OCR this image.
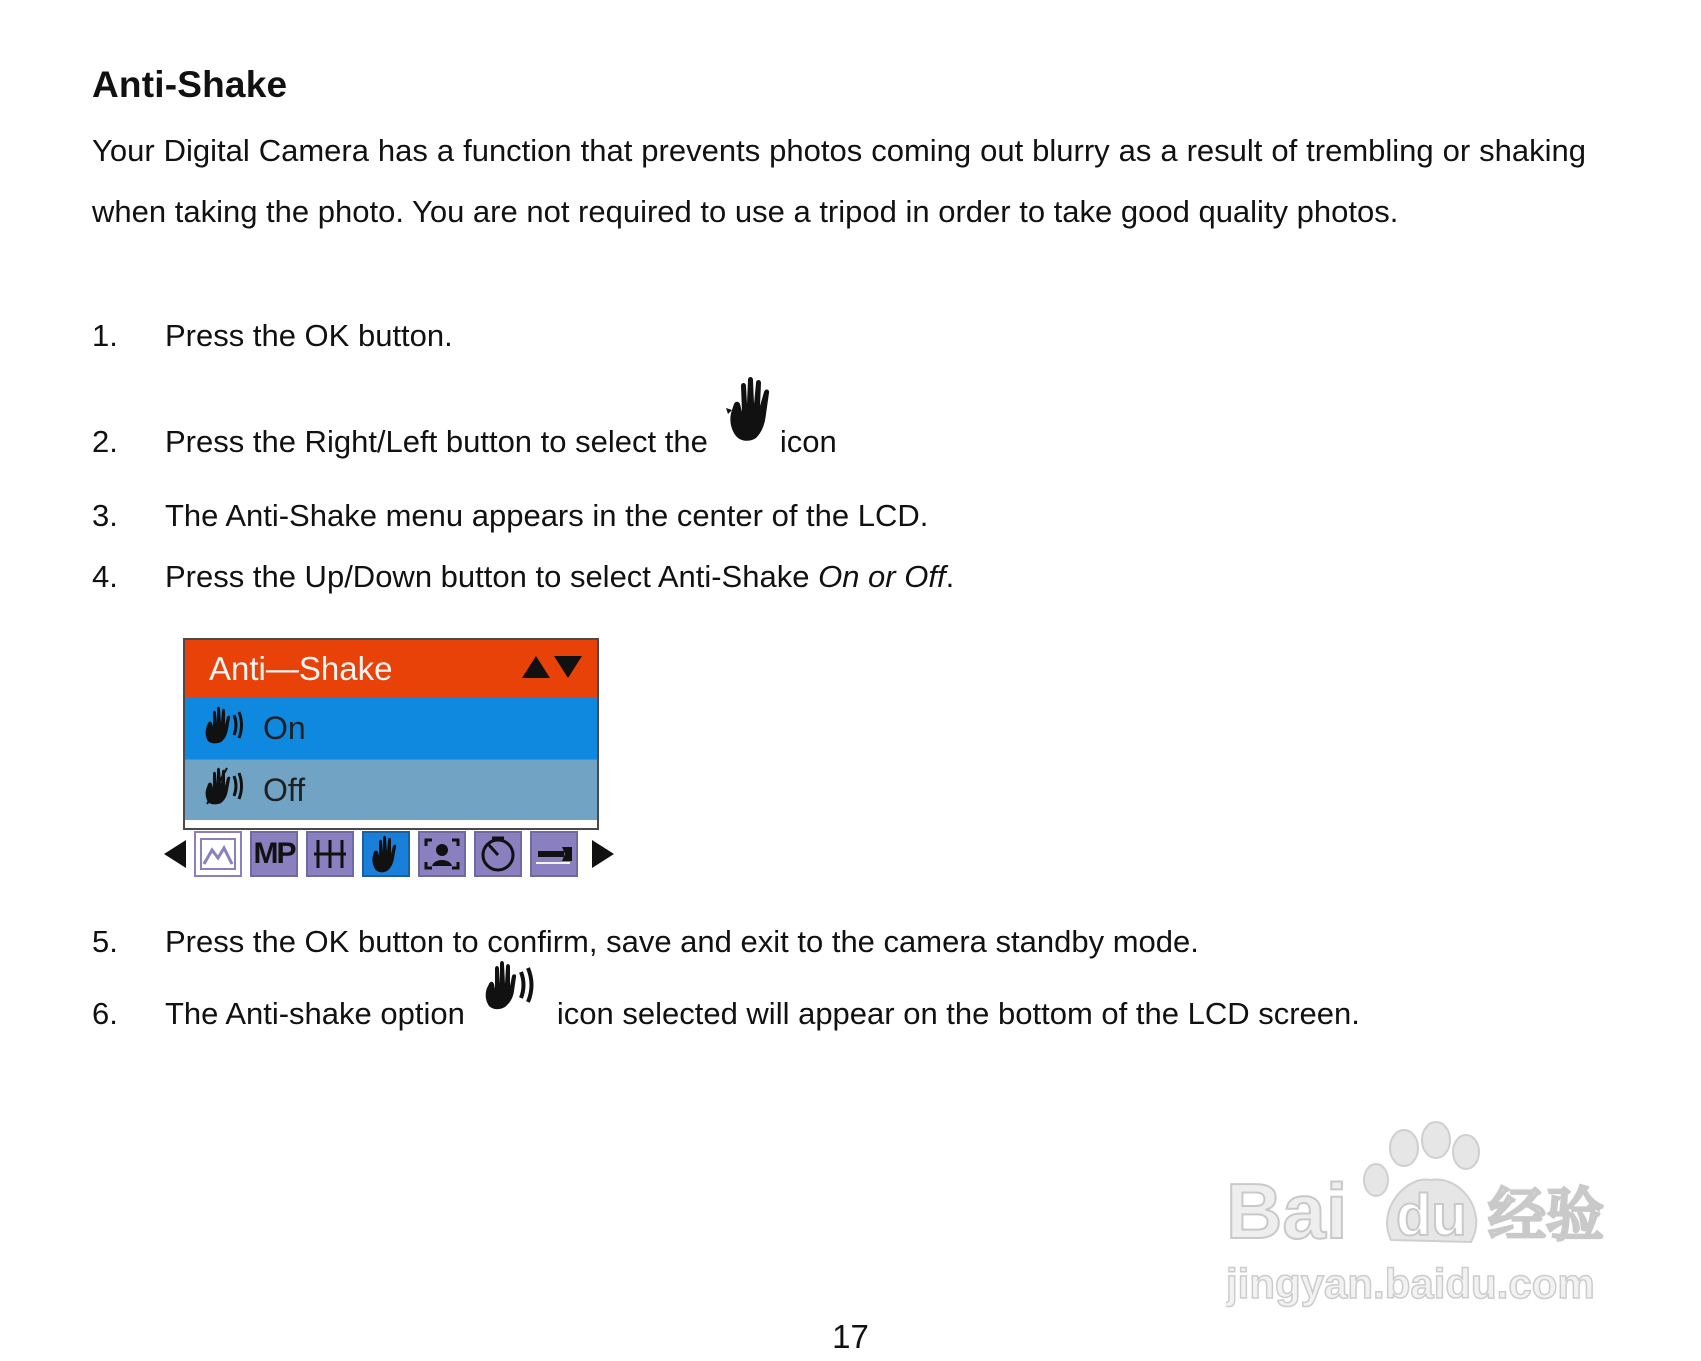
Anti-Shake
Your Digital Camera has a function that prevents photos coming out blurry as a result of trembling or shaking when taking the photo. You are not required to use a tripod in order to take good quality photos.
1.	Press the OK button.
2.	Press the Right/Left button to select the icon
3.	The Anti-Shake menu appears in the center of the LCD.
4.	Press the Up/Down button to select Anti-Shake On or Off.
Anti—Shake
On
Off
MP
5.	Press the OK button to confirm, save and exit to the camera standby mode.
6.	The Anti-shake option	icon selected will appear on the bottom of the LCD screen.
Bai du 经验
jingyan.baidu.com
17
